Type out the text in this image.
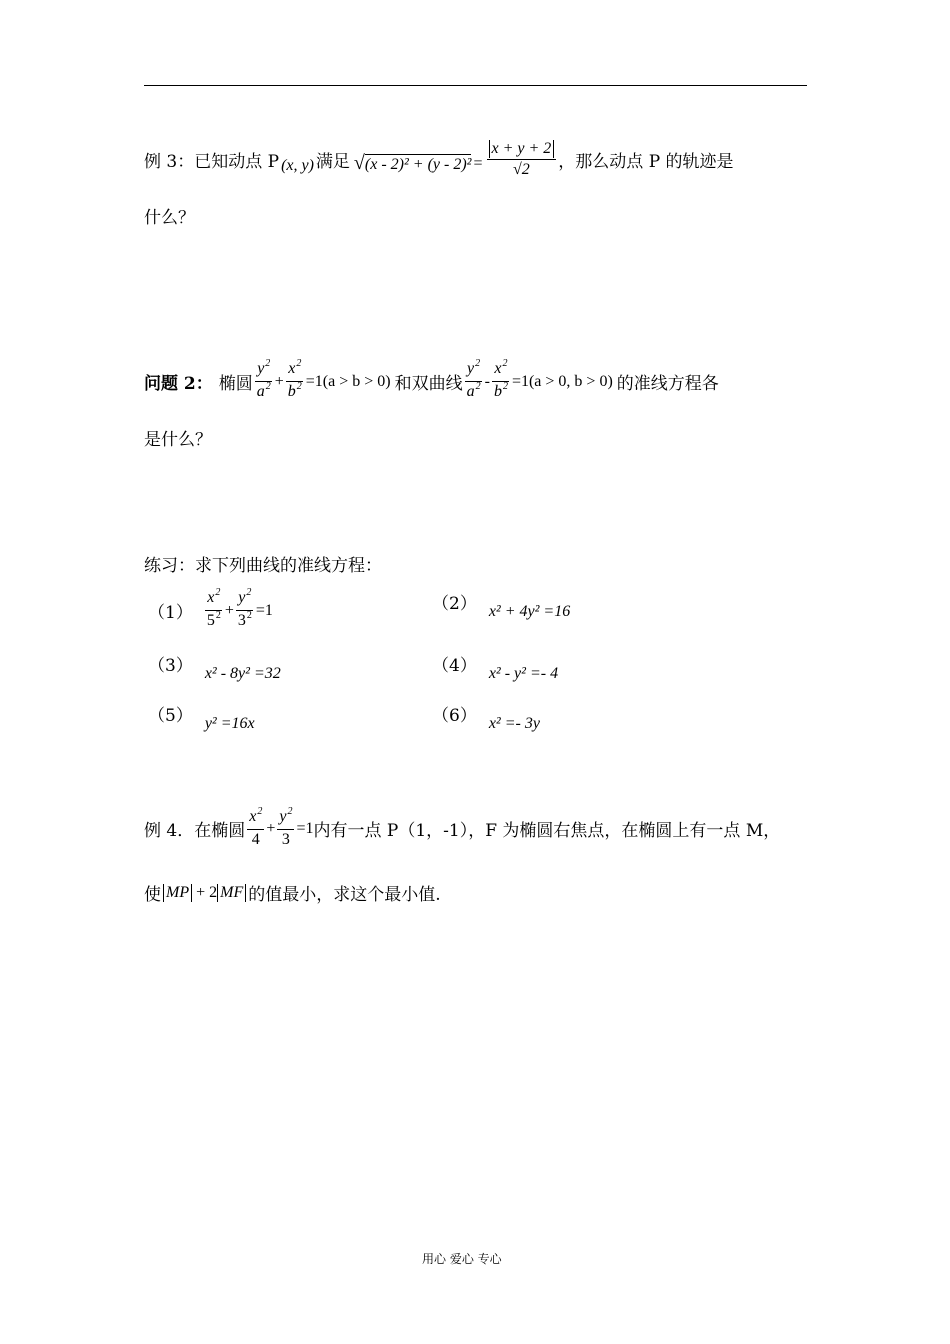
例 3：已知动点 P (x, y) 满足 $√(x - 2)^2 + (y - 2)^2 = \frac{x + y + 2}{√2}$ ，那么动点 P 的轨迹是
什么？
问题 2： 椭圆 $\frac{y^2}{a^2} + \frac{x^2}{b^2} =1(a > b > 0)$ 和双曲线 $\frac{y^2}{a^2} - \frac{x^2}{b^2} =1(a > 0$, b > 0) 的准线方程各
是什么？
练习：求下列曲线的准线方程：
$(1) \frac{x^2}{5^2} + \frac{y^2}{3^2} =1$	（2） x² + 4y² =16
（3） x² - 8y² =32	（4） x² - y² =- 4
（5） y² =16x	（6） x² =- 3y
例 4．在椭圆 $\frac{x^2}{4} + \frac{y^2}{3} =1$ 内有一点 P（1，-1），F 为椭圆右焦点，在椭圆上有一点 M，
使 MP + 2 MF 的值最小，求这个最小值.
用心 爱心 专心
